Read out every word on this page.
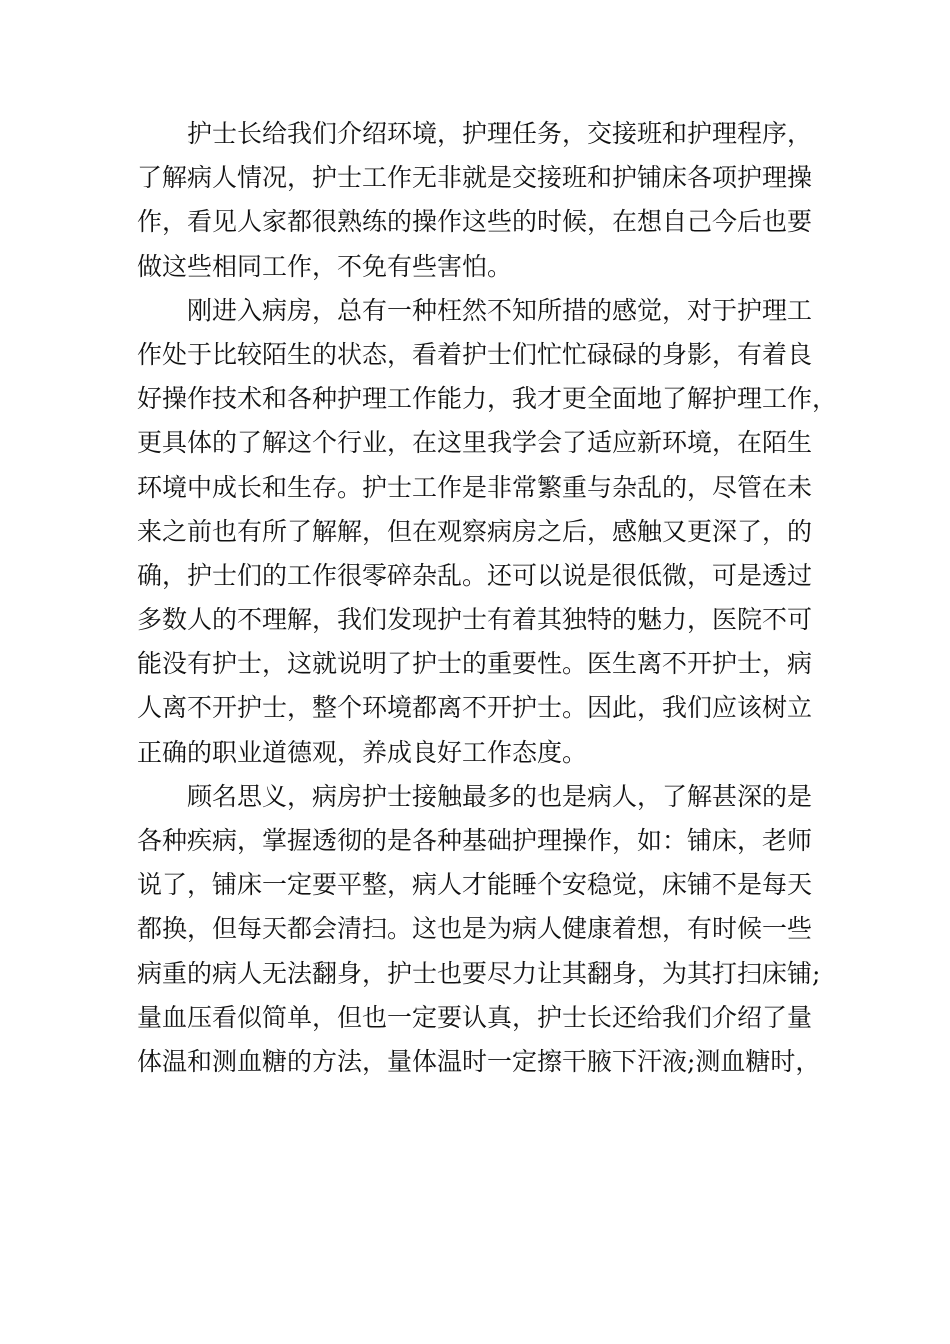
护士长给我们介绍环境，护理任务，交接班和护理程序，
了解病人情况，护士工作无非就是交接班和护铺床各项护理操
作，看见人家都很熟练的操作这些的时候，在想自己今后也要
做这些相同工作，不免有些害怕。
刚进入病房，总有一种枉然不知所措的感觉，对于护理工
作处于比较陌生的状态，看着护士们忙忙碌碌的身影，有着良
好操作技术和各种护理工作能力，我才更全面地了解护理工作，
更具体的了解这个行业，在这里我学会了适应新环境，在陌生
环境中成长和生存。护士工作是非常繁重与杂乱的，尽管在未
来之前也有所了解解，但在观察病房之后，感触又更深了，的
确，护士们的工作很零碎杂乱。还可以说是很低微，可是透过
多数人的不理解，我们发现护士有着其独特的魅力，医院不可
能没有护士，这就说明了护士的重要性。医生离不开护士，病
人离不开护士，整个环境都离不开护士。因此，我们应该树立
正确的职业道德观，养成良好工作态度。
顾名思义，病房护士接触最多的也是病人，了解甚深的是
各种疾病，掌握透彻的是各种基础护理操作，如：铺床，老师
说了，铺床一定要平整，病人才能睡个安稳觉，床铺不是每天
都换，但每天都会清扫。这也是为病人健康着想，有时候一些
病重的病人无法翻身，护士也要尽力让其翻身，为其打扫床铺;
量血压看似简单，但也一定要认真，护士长还给我们介绍了量
体温和测血糖的方法，量体温时一定擦干腋下汗液;测血糖时，
